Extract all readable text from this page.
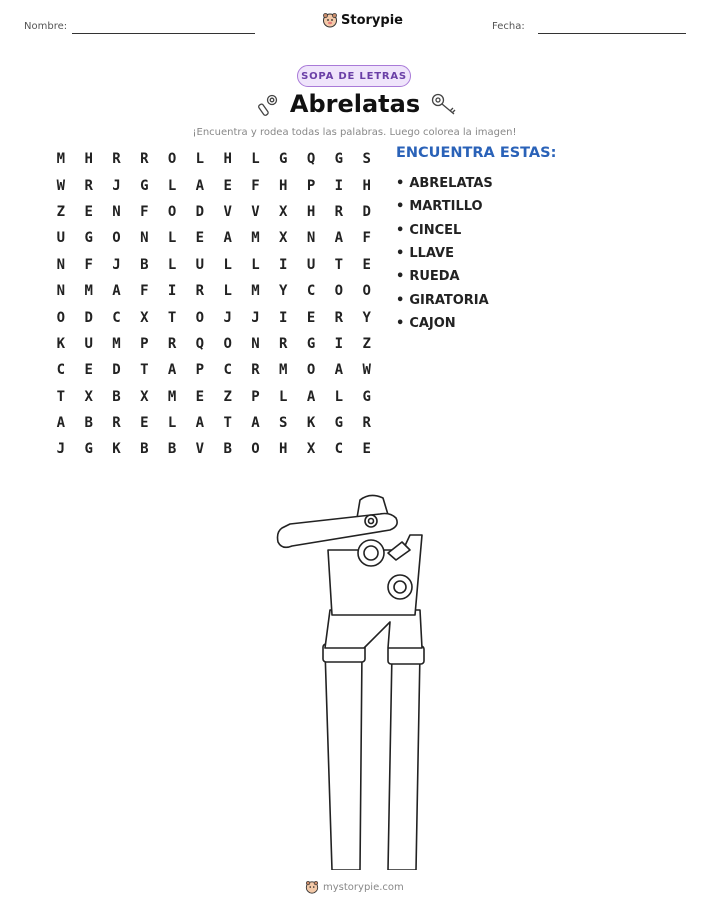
Nombre:	Storypie	Fecha:
SOPA DE LETRAS
Abrelatas
¡Encuentra y rodea todas las palabras. Luego colorea la imagen!
M	H	R	R	O	L	H	L	G	Q	G	S
W	R	J	G	L	A	E	F	H	P	I	H
Z	E	N	F	O	D	V	V	X	H	R	D
U	G	O	N	L	E	A	M	X	N	A	F
N	F	J	B	L	U	L	L	I	U	T	E
N	M	A	F	I	R	L	M	Y	C	O	O
O	D	C	X	T	O	J	J	I	E	R	Y
K	U	M	P	R	Q	O	N	R	G	I	Z
C	E	D	T	A	P	C	R	M	O	A	W
T	X	B	X	M	E	Z	P	L	A	L	G
A	B	R	E	L	A	T	A	S	K	G	R
J	G	K	B	B	V	B	O	H	X	C	E
ENCUENTRA ESTAS:
• ABRELATAS
• MARTILLO
• CINCEL
• LLAVE
• RUEDA
• GIRATORIA
• CAJON
mystorypie.com
